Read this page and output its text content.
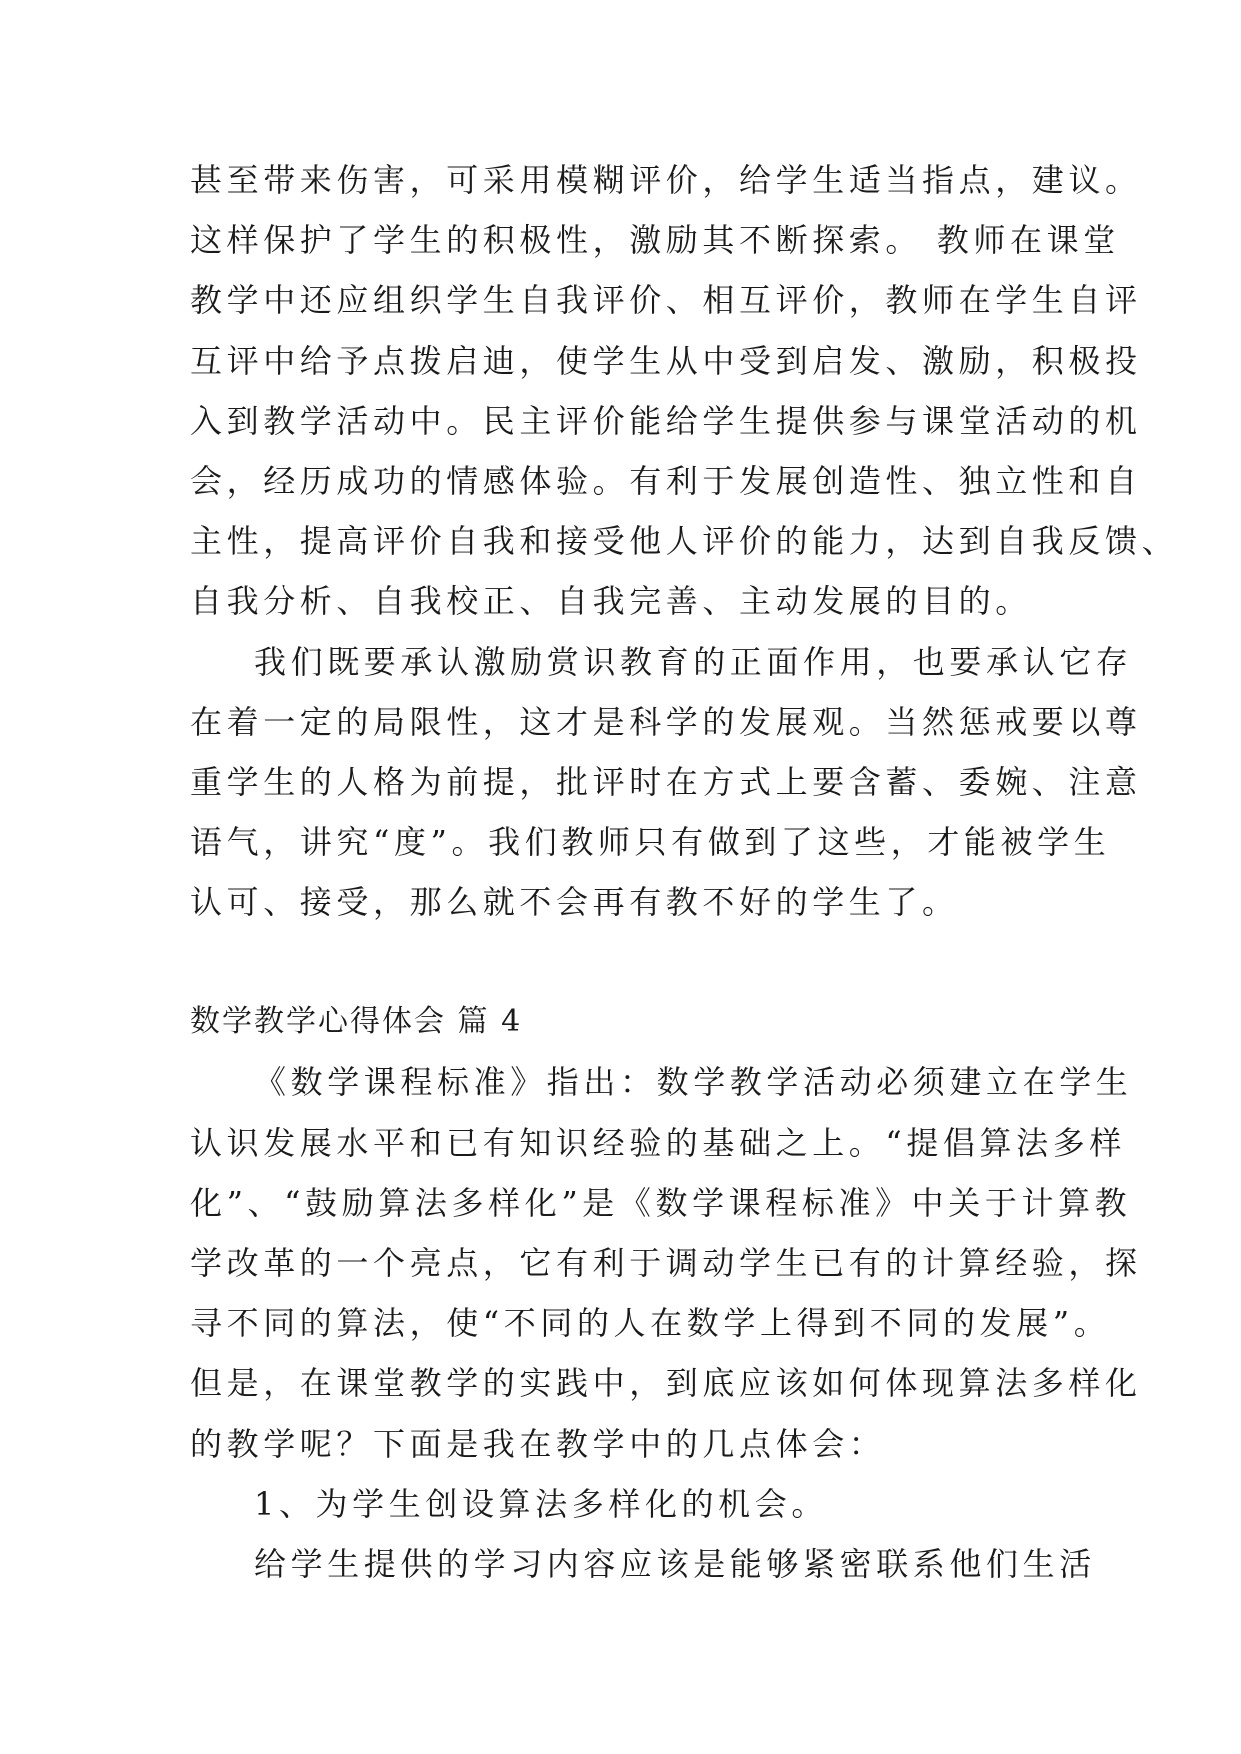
甚至带来伤害，可采用模糊评价，给学生适当指点，建议。
这样保护了学生的积极性，激励其不断探索。 教师在课堂
教学中还应组织学生自我评价、相互评价，教师在学生自评
互评中给予点拨启迪，使学生从中受到启发、激励，积极投
入到教学活动中。民主评价能给学生提供参与课堂活动的机
会，经历成功的情感体验。有利于发展创造性、独立性和自
主性，提高评价自我和接受他人评价的能力，达到自我反馈、
自我分析、自我校正、自我完善、主动发展的目的。
我们既要承认激励赏识教育的正面作用，也要承认它存
在着一定的局限性，这才是科学的发展观。当然惩戒要以尊
重学生的人格为前提，批评时在方式上要含蓄、委婉、注意
语气，讲究“度”。我们教师只有做到了这些，才能被学生
认可、接受，那么就不会再有教不好的学生了。
数学教学心得体会 篇 4
《数学课程标准》指出：数学教学活动必须建立在学生
认识发展水平和已有知识经验的基础之上。“提倡算法多样
化”、“鼓励算法多样化”是《数学课程标准》中关于计算教
学改革的一个亮点，它有利于调动学生已有的计算经验，探
寻不同的算法，使“不同的人在数学上得到不同的发展”。
但是，在课堂教学的实践中，到底应该如何体现算法多样化
的教学呢？下面是我在教学中的几点体会：
1、为学生创设算法多样化的机会。
给学生提供的学习内容应该是能够紧密联系他们生活
